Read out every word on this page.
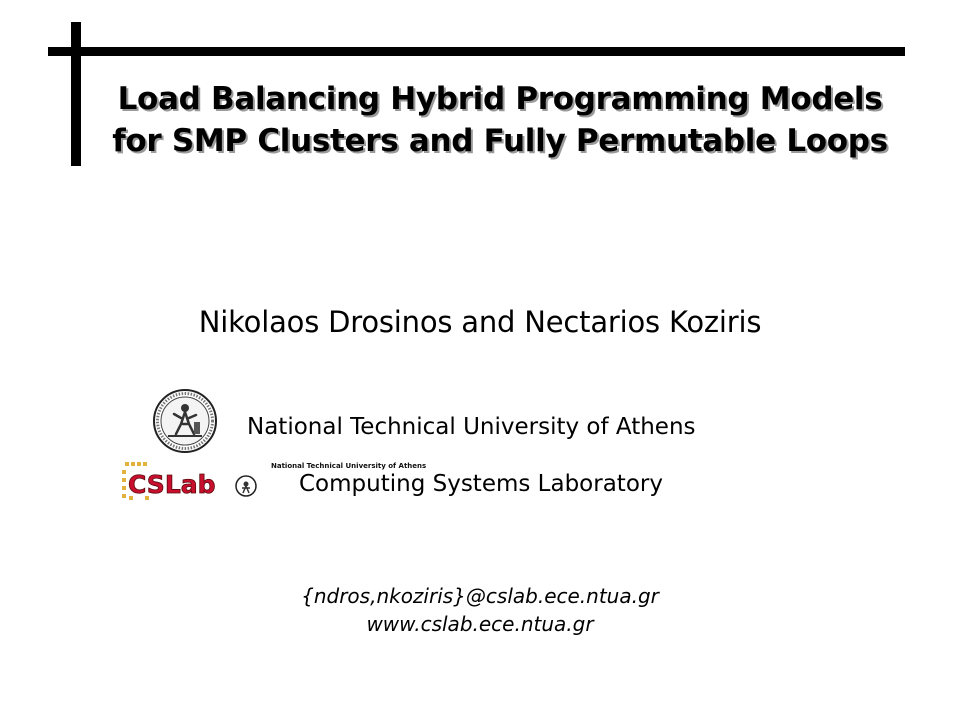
Load Balancing Hybrid Programming Models
for SMP Clusters and Fully Permutable Loops
Nikolaos Drosinos and Nectarios Koziris
CSLab
National Technical University of Athens
National Technical University of Athens
Computing Systems Laboratory
{ndros,nkoziris}@cslab.ece.ntua.gr
www.cslab.ece.ntua.gr
